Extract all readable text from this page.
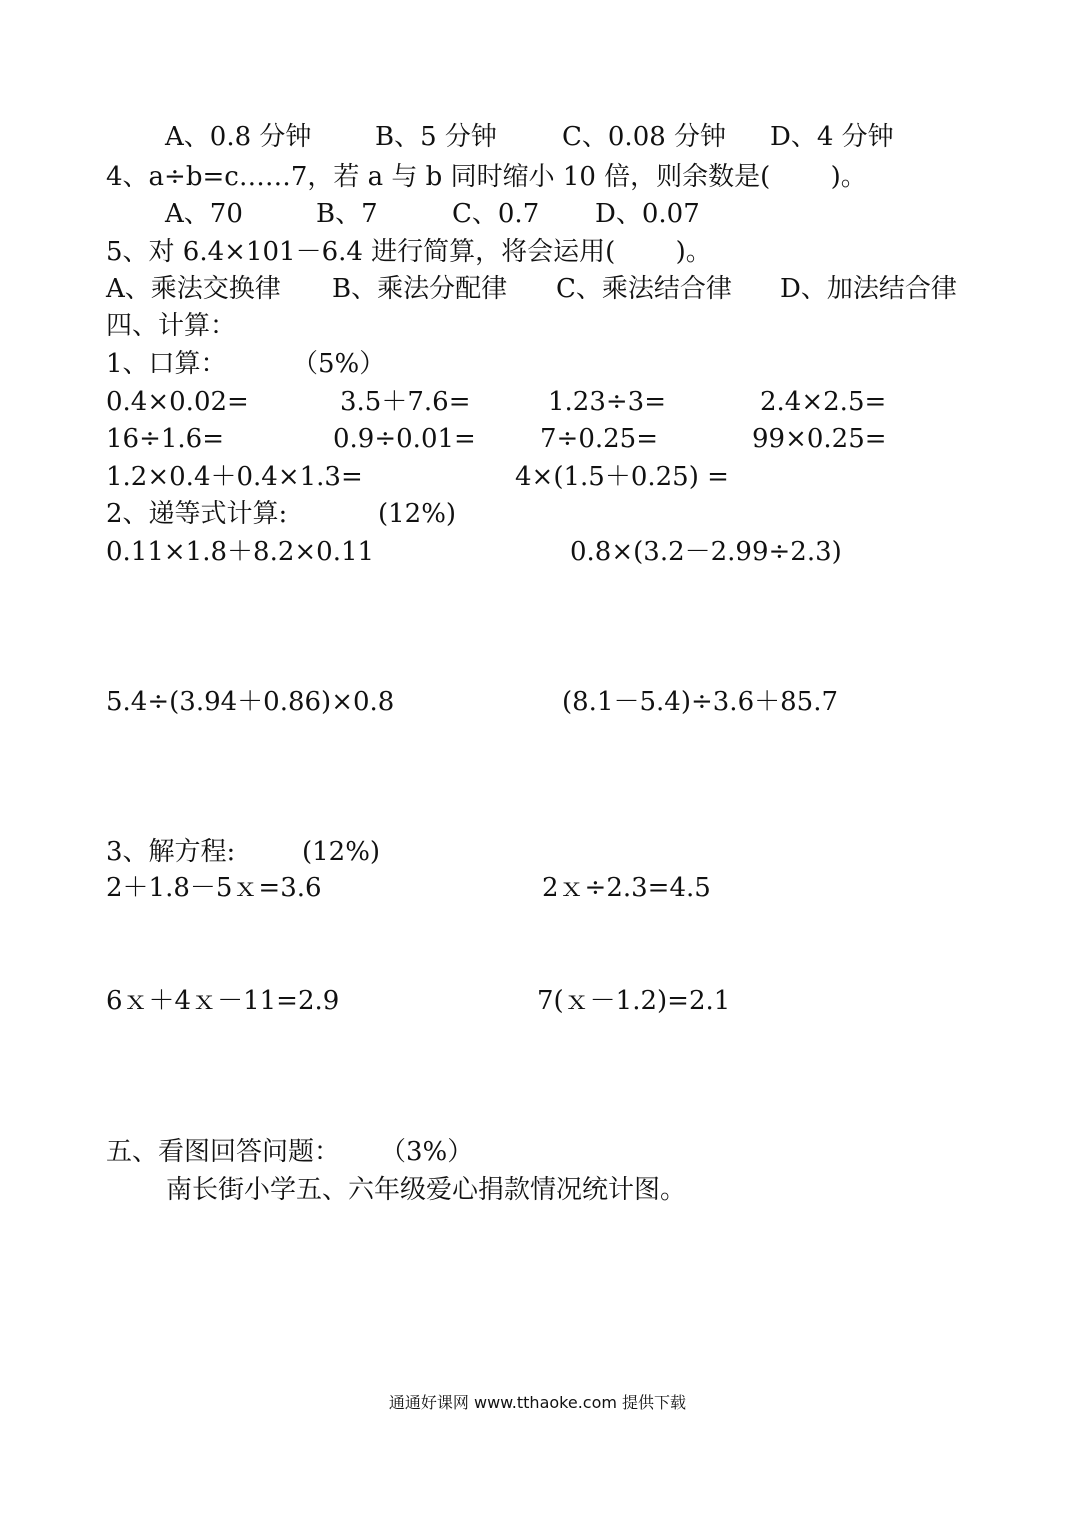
A、0.8 分钟 B、5 分钟	C、0.08 分钟 D、4 分钟
4、a÷b=c……7，若 a 与 b 同时缩小 10 倍，则余数是(　　 )。
A、70	B、7	C、0.7 D、0.07
5、对 6.4×101－6.4 进行简算，将会运用(　　 )。
A、乘法交换律 B、乘法分配律 C、乘法结合律 D、加法结合律
四、计算：
1、口算：	（5%）
0.4×0.02=	3.5＋7.6=	1.23÷3=	2.4×2.5=
16÷1.6=	0.9÷0.01= 7÷0.25=	99×0.25=
1.2×0.4＋0.4×1.3=	4×(1.5＋0.25) =
2、递等式计算:	(12%)
0.11×1.8＋8.2×0.11	0.8×(3.2－2.99÷2.3)
5.4÷(3.94＋0.86)×0.8	(8.1－5.4)÷3.6＋85.7
3、解方程:	(12%)
2＋1.8－5ｘ=3.6	2ｘ÷2.3=4.5
6ｘ＋4ｘ－11=2.9	7(ｘ－1.2)=2.1
五、看图回答问题： （3%）
南长街小学五、六年级爱心捐款情况统计图。
通通好课网 www.tthaoke.com 提供下载
